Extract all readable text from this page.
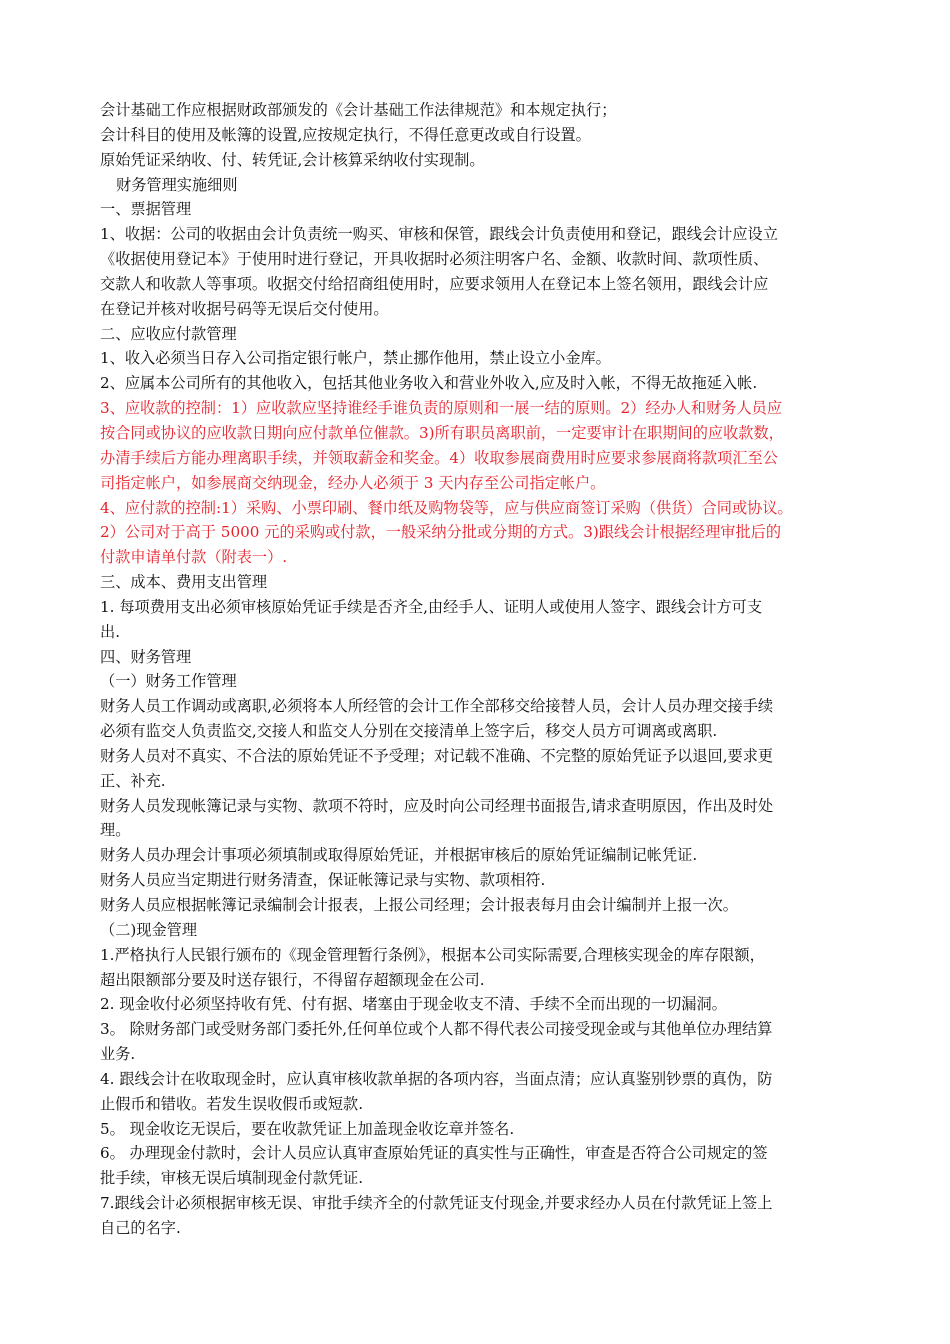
会计基础工作应根据财政部颁发的《会计基础工作法律规范》和本规定执行；
会计科目的使用及帐簿的设置,应按规定执行，不得任意更改或自行设置。
原始凭证采纳收、付、转凭证,会计核算采纳收付实现制。
财务管理实施细则
一、票据管理
1、收据：公司的收据由会计负责统一购买、审核和保管，跟线会计负责使用和登记，跟线会计应设立
《收据使用登记本》于使用时进行登记，开具收据时必须注明客户名、金额、收款时间、款项性质、
交款人和收款人等事项。收据交付给招商组使用时，应要求领用人在登记本上签名领用，跟线会计应
在登记并核对收据号码等无误后交付使用。
二、应收应付款管理
1、收入必须当日存入公司指定银行帐户，禁止挪作他用，禁止设立小金库。
2、应属本公司所有的其他收入，包括其他业务收入和营业外收入,应及时入帐，不得无故拖延入帐.
3、应收款的控制：1）应收款应坚持谁经手谁负责的原则和一展一结的原则。2）经办人和财务人员应
按合同或协议的应收款日期向应付款单位催款。3)所有职员离职前，一定要审计在职期间的应收款数，
办清手续后方能办理离职手续，并领取薪金和奖金。4）收取参展商费用时应要求参展商将款项汇至公
司指定帐户，如参展商交纳现金，经办人必须于 3 天内存至公司指定帐户。
4、应付款的控制:1）采购、小票印刷、餐巾纸及购物袋等，应与供应商签订采购（供货）合同或协议。
2）公司对于高于 5000 元的采购或付款，一般采纳分批或分期的方式。3)跟线会计根据经理审批后的
付款申请单付款（附表一）.
三、成本、费用支出管理
1. 每项费用支出必须审核原始凭证手续是否齐全,由经手人、证明人或使用人签字、跟线会计方可支
出.
四、财务管理
（一）财务工作管理
财务人员工作调动或离职,必须将本人所经管的会计工作全部移交给接替人员，会计人员办理交接手续
必须有监交人负责监交,交接人和监交人分别在交接清单上签字后，移交人员方可调离或离职.
财务人员对不真实、不合法的原始凭证不予受理；对记载不准确、不完整的原始凭证予以退回,要求更
正、补充.
财务人员发现帐簿记录与实物、款项不符时，应及时向公司经理书面报告,请求查明原因，作出及时处
理。
财务人员办理会计事项必须填制或取得原始凭证，并根据审核后的原始凭证编制记帐凭证.
财务人员应当定期进行财务清查，保证帐簿记录与实物、款项相符.
财务人员应根据帐簿记录编制会计报表，上报公司经理；会计报表每月由会计编制并上报一次。
（二)现金管理
1.严格执行人民银行颁布的《现金管理暂行条例》，根据本公司实际需要,合理核实现金的库存限额，
超出限额部分要及时送存银行，不得留存超额现金在公司.
2. 现金收付必须坚持收有凭、付有据、堵塞由于现金收支不清、手续不全而出现的一切漏洞。
3。 除财务部门或受财务部门委托外,任何单位或个人都不得代表公司接受现金或与其他单位办理结算
业务.
4. 跟线会计在收取现金时，应认真审核收款单据的各项内容，当面点清；应认真鉴别钞票的真伪，防
止假币和错收。若发生误收假币或短款.
5。 现金收讫无误后，要在收款凭证上加盖现金收讫章并签名.
6。 办理现金付款时，会计人员应认真审查原始凭证的真实性与正确性，审查是否符合公司规定的签
批手续，审核无误后填制现金付款凭证.
7.跟线会计必须根据审核无误、审批手续齐全的付款凭证支付现金,并要求经办人员在付款凭证上签上
自己的名字.
